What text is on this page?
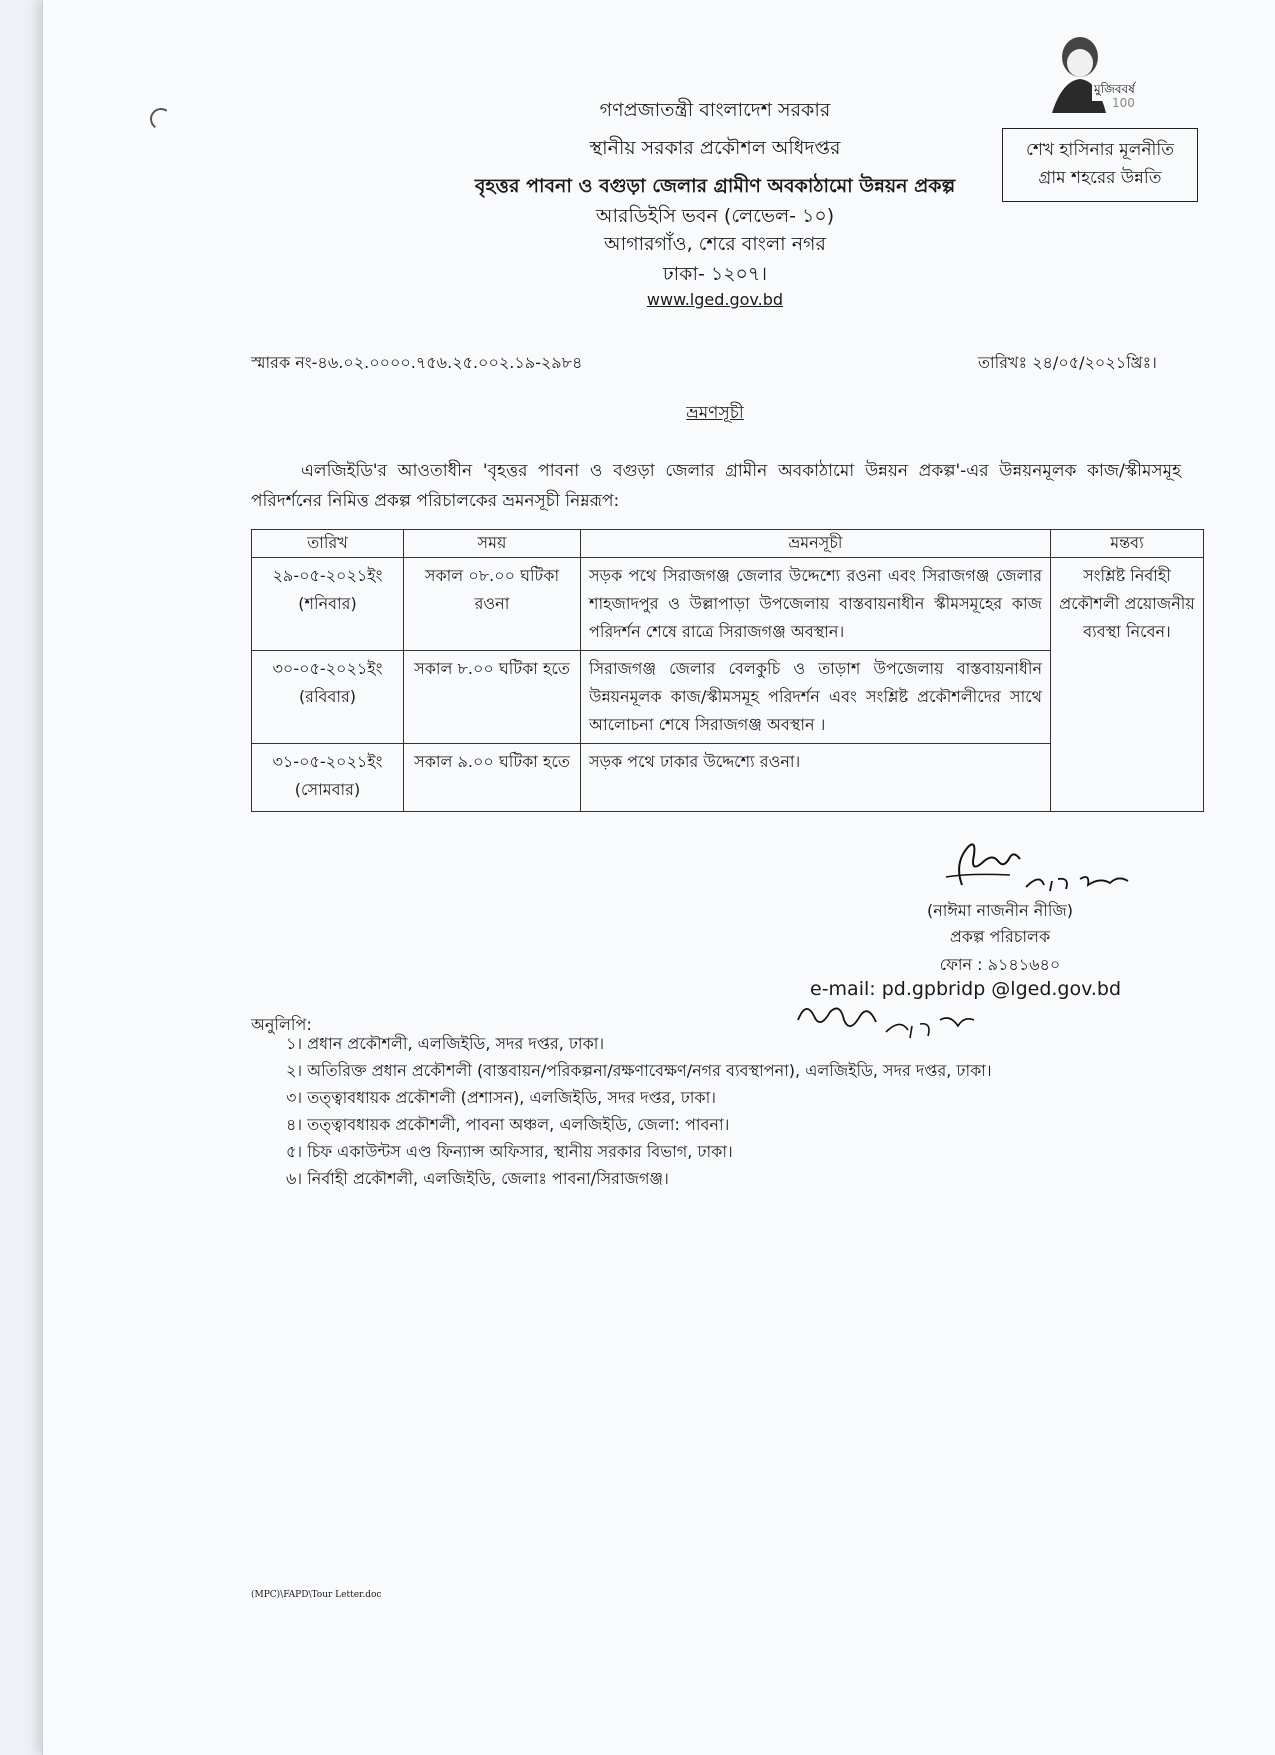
মুজিববর্ষ
100
শেখ হাসিনার মূলনীতি
গ্রাম শহরের উন্নতি
গণপ্রজাতন্ত্রী বাংলাদেশ সরকার
স্থানীয় সরকার প্রকৌশল অধিদপ্তর
বৃহত্তর পাবনা ও বগুড়া জেলার গ্রামীণ অবকাঠামো উন্নয়ন প্রকল্প
আরডিইসি ভবন (লেভেল- ১০)
আগারগাঁও, শেরে বাংলা নগর
ঢাকা- ১২০৭।
www.lged.gov.bd
স্মারক নং-৪৬.০২.০০০০.৭৫৬.২৫.০০২.১৯-২৯৮৪	তারিখঃ ২৪/০৫/২০২১খ্রিঃ।
ভ্রমণসূচী
এলজিইডি'র আওতাধীন 'বৃহত্তর পাবনা ও বগুড়া জেলার গ্রামীন অবকাঠামো উন্নয়ন প্রকল্প'-এর উন্নয়নমূলক কাজ/স্কীমসমূহ পরিদর্শনের নিমিত্ত প্রকল্প পরিচালকের ভ্রমনসূচী নিম্নরূপ:
তারিখ	সময়	ভ্রমনসূচী	মন্তব্য

২৯-০৫-২০২১ইং
(শনিবার)	সকাল ০৮.০০ ঘটিকা রওনা	সড়ক পথে সিরাজগঞ্জ জেলার উদ্দেশ্যে রওনা এবং সিরাজগঞ্জ জেলার শাহজাদপুর ও উল্লাপাড়া উপজেলায় বাস্তবায়নাধীন স্কীমসমূহের কাজ পরিদর্শন শেষে রাত্রে সিরাজগঞ্জ অবস্থান।	সংশ্লিষ্ট নির্বাহী প্রকৌশলী প্রয়োজনীয় ব্যবস্থা নিবেন।

৩০-০৫-২০২১ইং
(রবিবার)	সকাল ৮.০০ ঘটিকা হতে	সিরাজগঞ্জ জেলার বেলকুচি ও তাড়াশ উপজেলায় বাস্তবায়নাধীন উন্নয়নমূলক কাজ/স্কীমসমূহ পরিদর্শন এবং সংশ্লিষ্ট প্রকৌশলীদের সাথে আলোচনা শেষে সিরাজগঞ্জ অবস্থান ।	

৩১-০৫-২০২১ইং
(সোমবার)	সকাল ৯.০০ ঘটিকা হতে	সড়ক পথে ঢাকার উদ্দেশ্যে রওনা।	
(নাঈমা নাজনীন নীজি)
প্রকল্প পরিচালক
ফোন : ৯১৪১৬৪০
e-mail: pd.gpbridp @lged.gov.bd
অনুলিপি:
১। প্রধান প্রকৌশলী, এলজিইডি, সদর দপ্তর, ঢাকা।
২। অতিরিক্ত প্রধান প্রকৌশলী (বাস্তবায়ন/পরিকল্পনা/রক্ষণাবেক্ষণ/নগর ব্যবস্থাপনা), এলজিইডি, সদর দপ্তর, ঢাকা।
৩। তত্ত্বাবধায়ক প্রকৌশলী (প্রশাসন), এলজিইডি, সদর দপ্তর, ঢাকা।
৪। তত্ত্বাবধায়ক প্রকৌশলী, পাবনা অঞ্চল, এলজিইডি, জেলা: পাবনা।
৫। চিফ একাউন্টস এণ্ড ফিন্যান্স অফিসার, স্থানীয় সরকার বিভাগ, ঢাকা।
৬। নির্বাহী প্রকৌশলী, এলজিইডি, জেলাঃ পাবনা/সিরাজগঞ্জ।
(MPC)\FAPD\Tour Letter.doc
